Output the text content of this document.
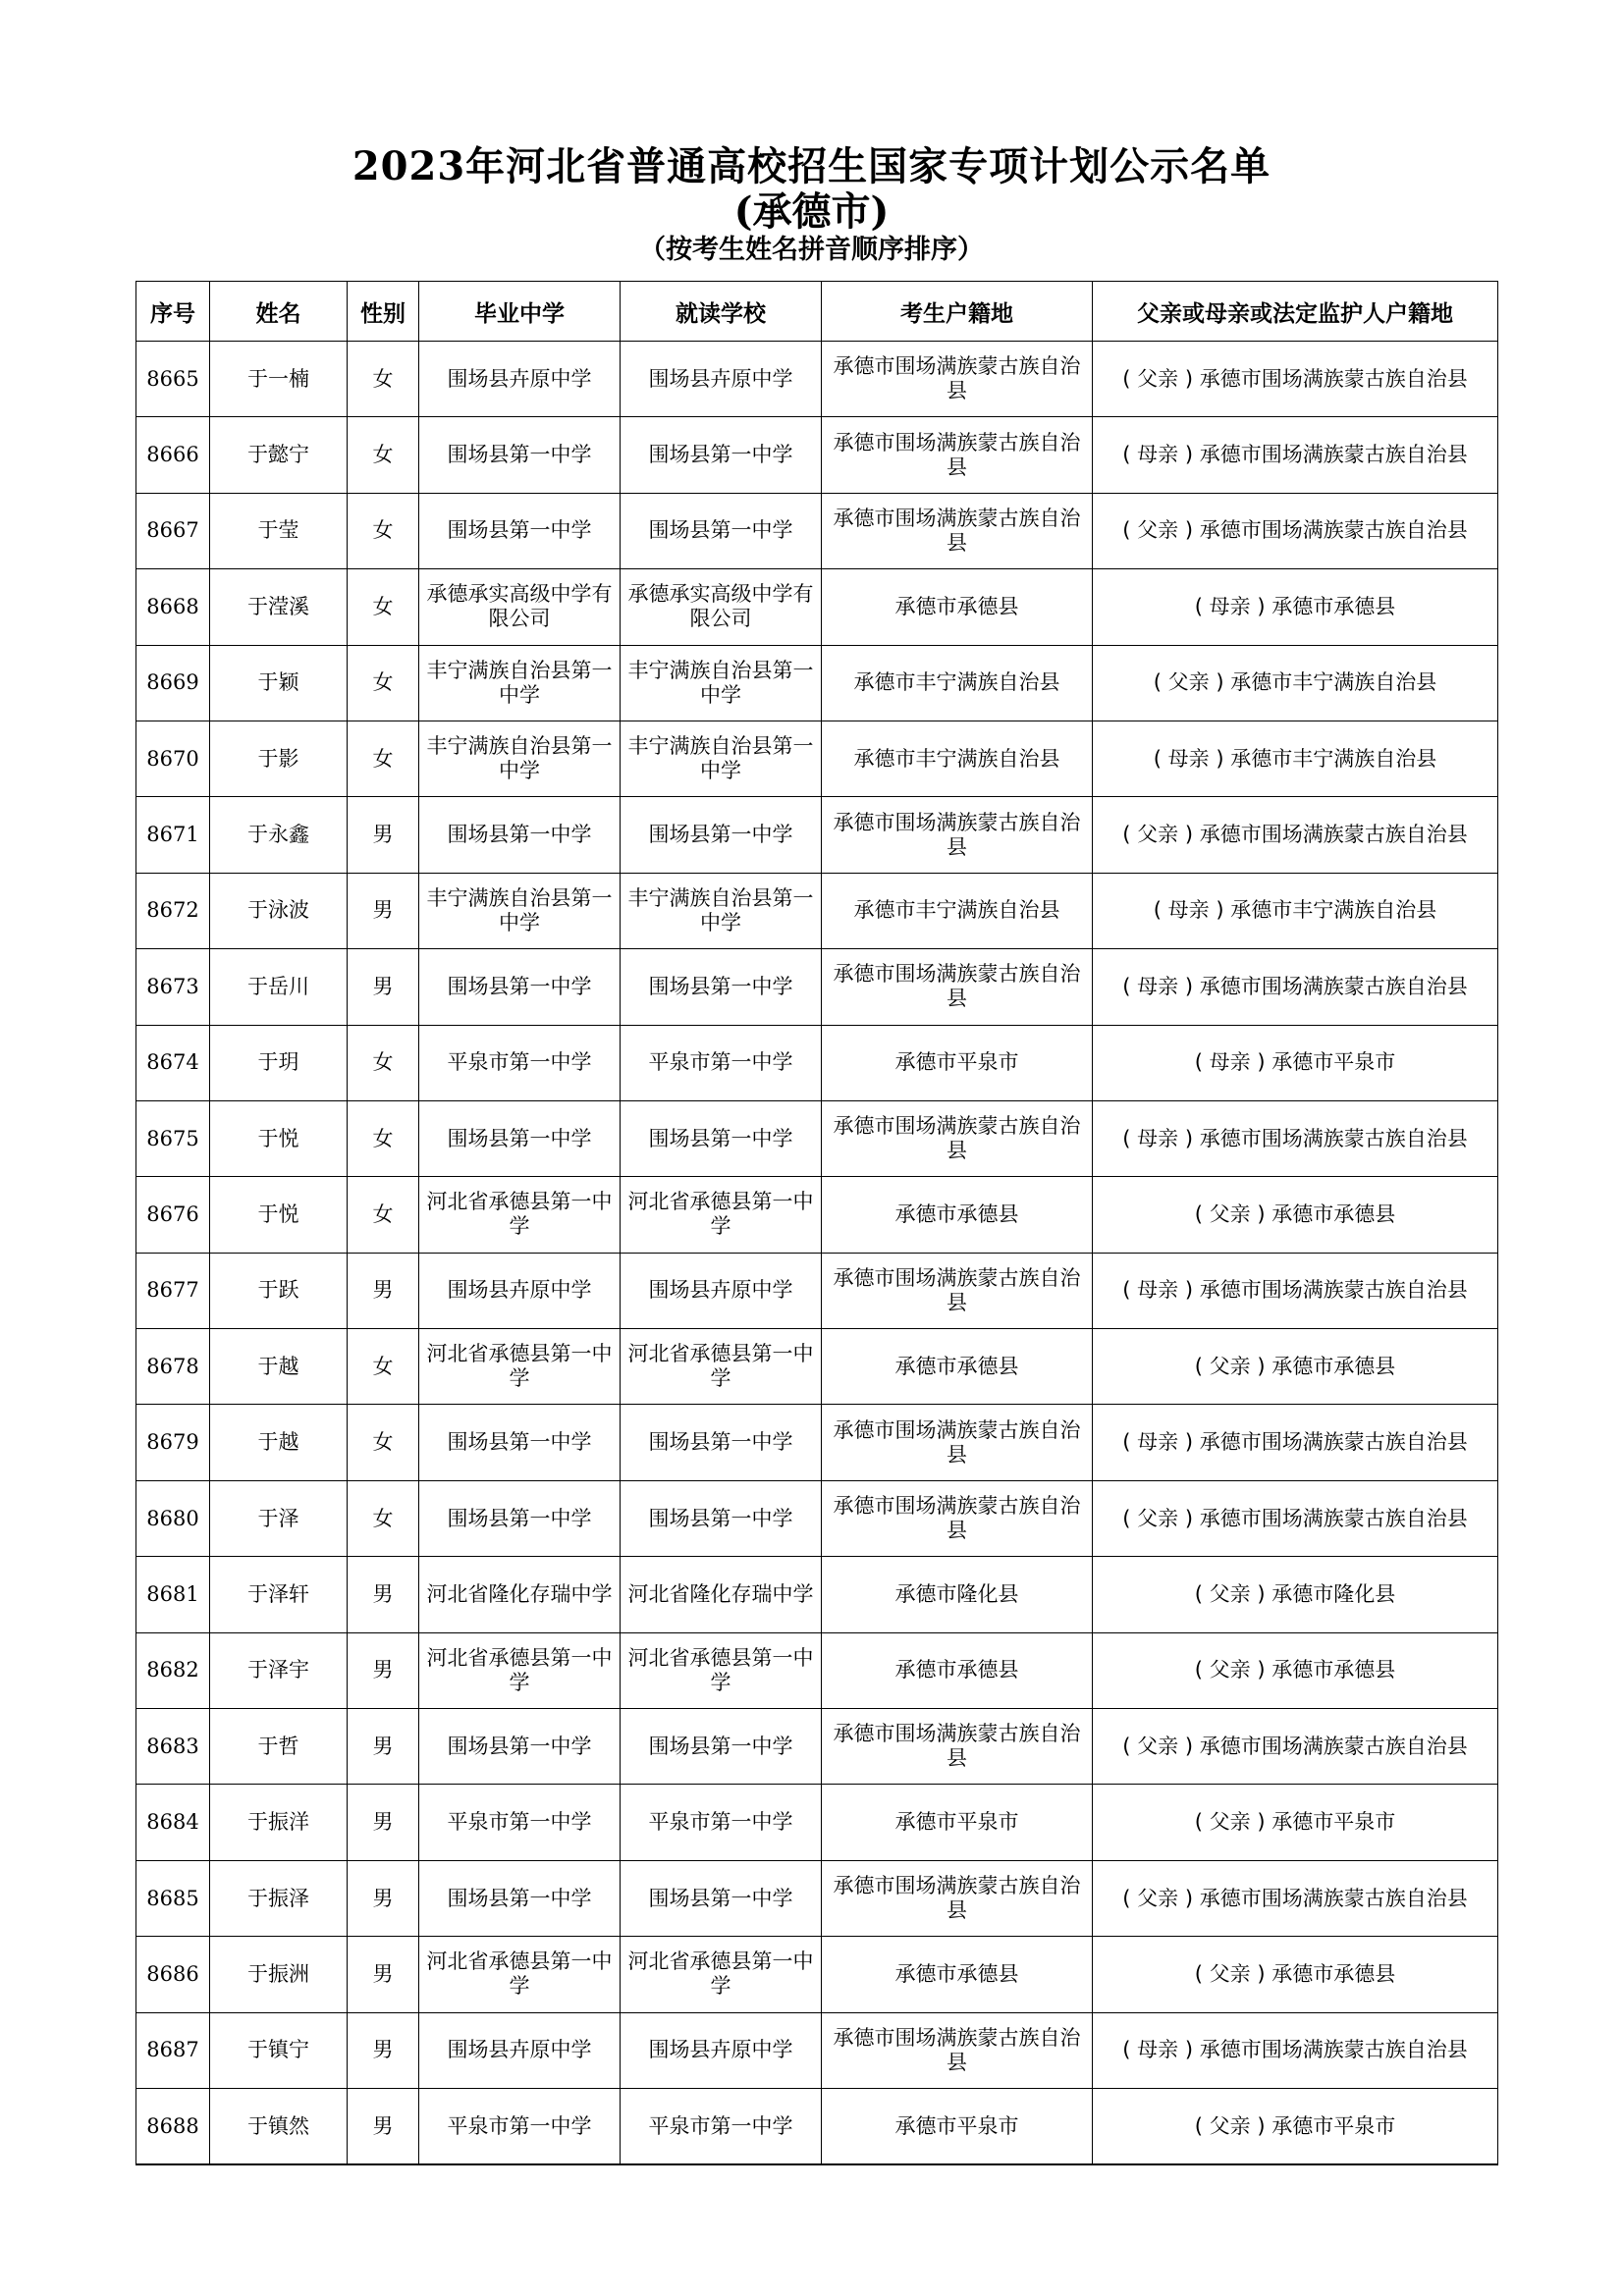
2023年河北省普通高校招生国家专项计划公示名单
(承德市)
（按考生姓名拼音顺序排序）
序号	姓名	性别	毕业中学	就读学校	考生户籍地	父亲或母亲或法定监护人户籍地
8665	于一楠	女	围场县卉原中学	围场县卉原中学	承德市围场满族蒙古族自治县	( 父亲 ) 承德市围场满族蒙古族自治县
8666	于懿宁	女	围场县第一中学	围场县第一中学	承德市围场满族蒙古族自治县	( 母亲 ) 承德市围场满族蒙古族自治县
8667	于莹	女	围场县第一中学	围场县第一中学	承德市围场满族蒙古族自治县	( 父亲 ) 承德市围场满族蒙古族自治县
8668	于滢溪	女	承德承实高级中学有限公司	承德承实高级中学有限公司	承德市承德县	( 母亲 ) 承德市承德县
8669	于颖	女	丰宁满族自治县第一中学	丰宁满族自治县第一中学	承德市丰宁满族自治县	( 父亲 ) 承德市丰宁满族自治县
8670	于影	女	丰宁满族自治县第一中学	丰宁满族自治县第一中学	承德市丰宁满族自治县	( 母亲 ) 承德市丰宁满族自治县
8671	于永鑫	男	围场县第一中学	围场县第一中学	承德市围场满族蒙古族自治县	( 父亲 ) 承德市围场满族蒙古族自治县
8672	于泳波	男	丰宁满族自治县第一中学	丰宁满族自治县第一中学	承德市丰宁满族自治县	( 母亲 ) 承德市丰宁满族自治县
8673	于岳川	男	围场县第一中学	围场县第一中学	承德市围场满族蒙古族自治县	( 母亲 ) 承德市围场满族蒙古族自治县
8674	于玥	女	平泉市第一中学	平泉市第一中学	承德市平泉市	( 母亲 ) 承德市平泉市
8675	于悦	女	围场县第一中学	围场县第一中学	承德市围场满族蒙古族自治县	( 母亲 ) 承德市围场满族蒙古族自治县
8676	于悦	女	河北省承德县第一中学	河北省承德县第一中学	承德市承德县	( 父亲 ) 承德市承德县
8677	于跃	男	围场县卉原中学	围场县卉原中学	承德市围场满族蒙古族自治县	( 母亲 ) 承德市围场满族蒙古族自治县
8678	于越	女	河北省承德县第一中学	河北省承德县第一中学	承德市承德县	( 父亲 ) 承德市承德县
8679	于越	女	围场县第一中学	围场县第一中学	承德市围场满族蒙古族自治县	( 母亲 ) 承德市围场满族蒙古族自治县
8680	于泽	女	围场县第一中学	围场县第一中学	承德市围场满族蒙古族自治县	( 父亲 ) 承德市围场满族蒙古族自治县
8681	于泽轩	男	河北省隆化存瑞中学	河北省隆化存瑞中学	承德市隆化县	( 父亲 ) 承德市隆化县
8682	于泽宇	男	河北省承德县第一中学	河北省承德县第一中学	承德市承德县	( 父亲 ) 承德市承德县
8683	于哲	男	围场县第一中学	围场县第一中学	承德市围场满族蒙古族自治县	( 父亲 ) 承德市围场满族蒙古族自治县
8684	于振洋	男	平泉市第一中学	平泉市第一中学	承德市平泉市	( 父亲 ) 承德市平泉市
8685	于振泽	男	围场县第一中学	围场县第一中学	承德市围场满族蒙古族自治县	( 父亲 ) 承德市围场满族蒙古族自治县
8686	于振洲	男	河北省承德县第一中学	河北省承德县第一中学	承德市承德县	( 父亲 ) 承德市承德县
8687	于镇宁	男	围场县卉原中学	围场县卉原中学	承德市围场满族蒙古族自治县	( 母亲 ) 承德市围场满族蒙古族自治县
8688	于镇然	男	平泉市第一中学	平泉市第一中学	承德市平泉市	( 父亲 ) 承德市平泉市
